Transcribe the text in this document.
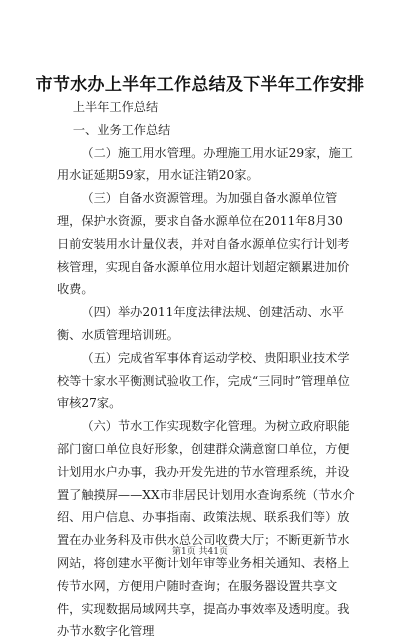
市节水办上半年工作总结及下半年工作安排

上半年工作总结

一、业务工作总结

（二）施工用水管理。办理施工用水证29家，施工用水证延期59家，用水证注销20家。

（三）自备水资源管理。为加强自备水源单位管理，保护水资源，要求自备水源单位在2011年8月30日前安装用水计量仪表，并对自备水源单位实行计划考核管理，实现自备水源单位用水超计划超定额累进加价收费。

（四）举办2011年度法律法规、创建活动、水平衡、水质管理培训班。

（五）完成省军事体育运动学校、贵阳职业技术学校等十家水平衡测试验收工作，完成“三同时”管理单位审核27家。

（六）节水工作实现数字化管理。为树立政府职能部门窗口单位良好形象，创建群众满意窗口单位，方便计划用水户办事，我办开发先进的节水管理系统，并设置了触摸屏——XX市非居民计划用水查询系统（节水介绍、用户信息、办事指南、政策法规、联系我们等）放置在办业务科及市供水总公司收费大厅；不断更新节水网站，将创建水平衡计划年审等业务相关通知、表格上传节水网，方便用户随时查询；在服务器设置共享文件，实现数据局域网共享，提高办事效率及透明度。我办节水数字化管理

第1页 共41页
